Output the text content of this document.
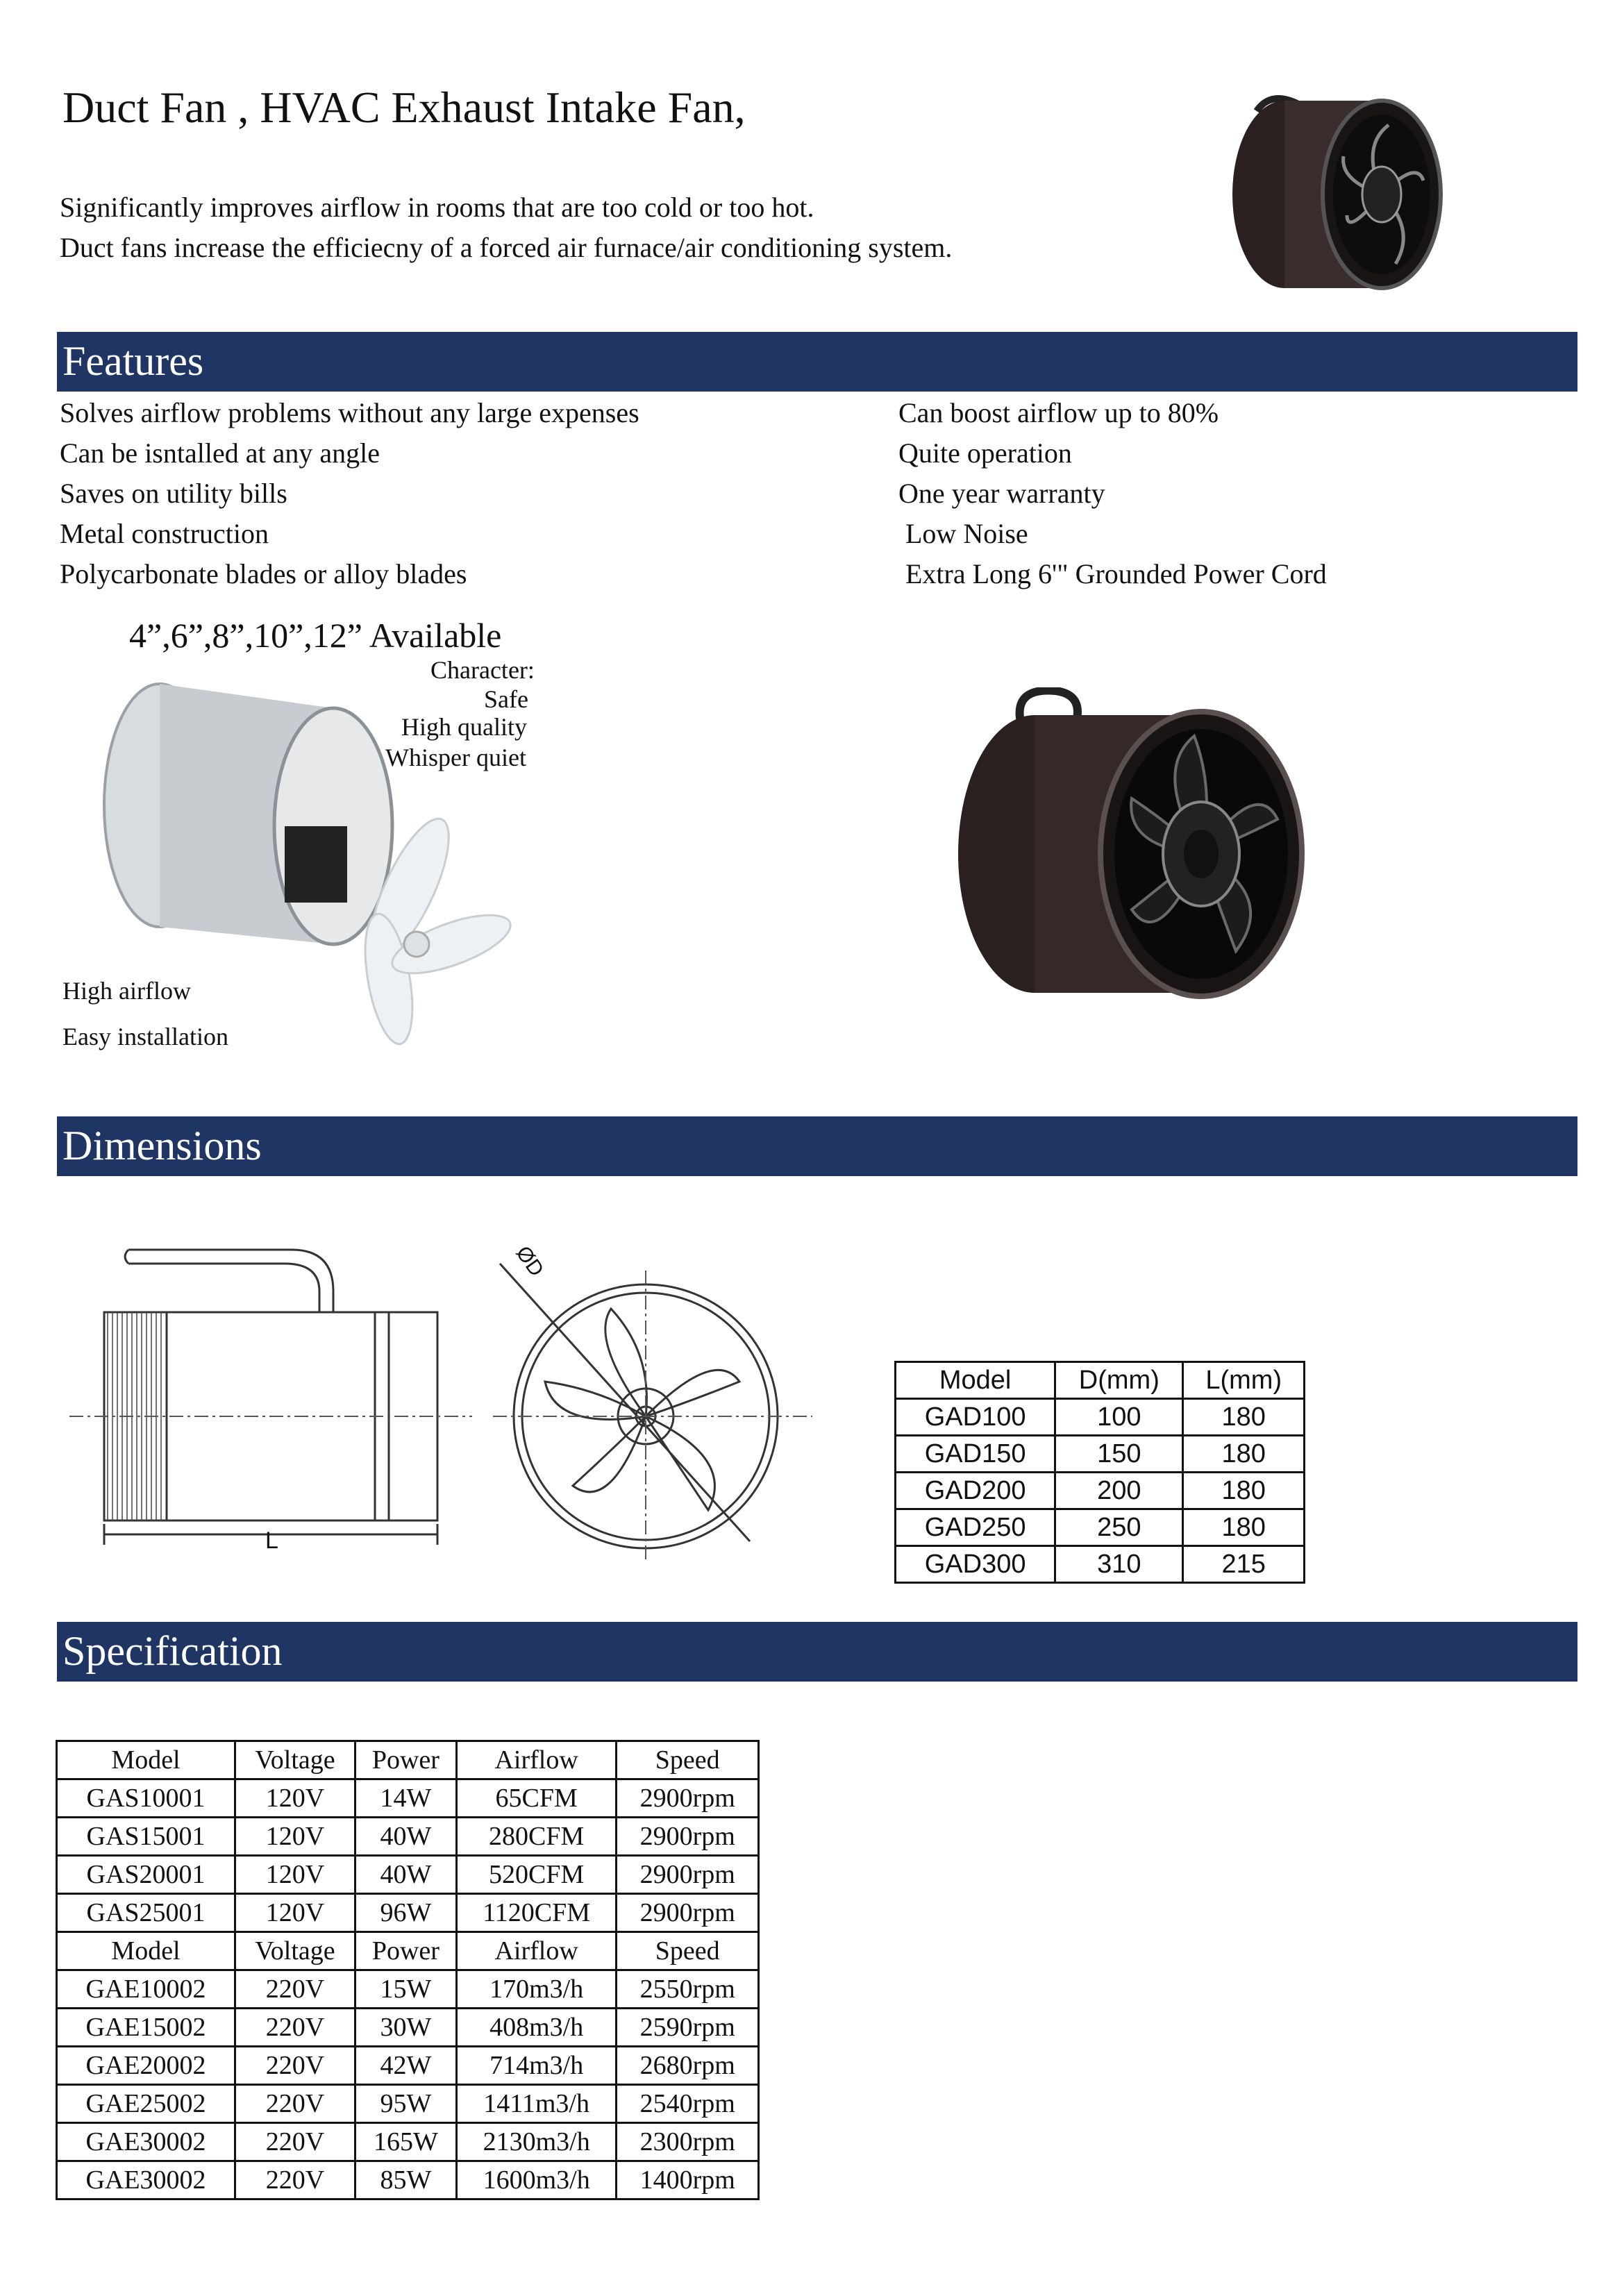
Duct Fan , HVAC Exhaust Intake Fan,
Significantly improves airflow in rooms that are too cold or too hot.
Duct fans increase the efficiecny of a forced air furnace/air conditioning system.
Features
Solves airflow problems without any large expenses
Can be isntalled at any angle
Saves on utility bills
Metal construction
Polycarbonate blades or alloy blades
Can boost airflow up to 80%
Quite operation
One year warranty
Low Noise
Extra Long 6'" Grounded Power Cord
4”,6”,8”,10”,12” Available
Character:
Safe
High quality
Whisper quiet
High airflow
Easy installation
Dimensions
L
ØD
Model	D(mm)	L(mm)
GAD100	100	180
GAD150	150	180
GAD200	200	180
GAD250	250	180
GAD300	310	215
Specification
Model	Voltage	Power	Airflow	Speed
GAS10001	120V	14W	65CFM	2900rpm
GAS15001	120V	40W	280CFM	2900rpm
GAS20001	120V	40W	520CFM	2900rpm
GAS25001	120V	96W	1120CFM	2900rpm
Model	Voltage	Power	Airflow	Speed
GAE10002	220V	15W	170m3/h	2550rpm
GAE15002	220V	30W	408m3/h	2590rpm
GAE20002	220V	42W	714m3/h	2680rpm
GAE25002	220V	95W	1411m3/h	2540rpm
GAE30002	220V	165W	2130m3/h	2300rpm
GAE30002	220V	85W	1600m3/h	1400rpm
